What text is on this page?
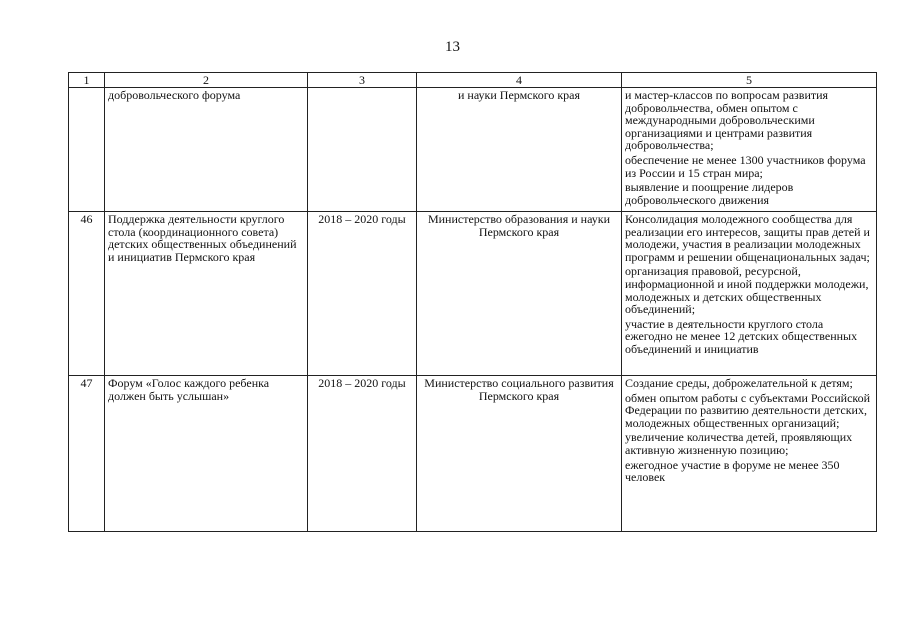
13
1	2	3	4	5
	добровольческого форума		и науки Пермского края	и мастер-классов по вопросам развития добровольчества, обмен опытом с международными добровольческими организациями и центрами развития добровольчества;

обеспечение не менее 1300 участников форума из России и 15 стран мира;

выявление и поощрение лидеров добровольческого движения

46	Поддержка деятельности круглого стола (координационного совета) детских общественных объединений и инициатив Пермского края	2018 – 2020 годы	Министерство образования и науки Пермского края	Консолидация молодежного сообщества для реализации его интересов, защиты прав детей и молодежи, участия в реализации молодежных программ и решении общенациональных задач;

организация правовой, ресурсной, информационной и иной поддержки молодежи, молодежных и детских общественных объединений;

участие в деятельности круглого стола ежегодно не менее 12 детских общественных объединений и инициатив

47	Форум «Голос каждого ребенка должен быть услышан»	2018 – 2020 годы	Министерство социального развития Пермского края	Создание среды, доброжелательной к детям;

обмен опытом работы с субъектами Российской Федерации по развитию деятельности детских, молодежных общественных организаций;

увеличение количества детей, проявляющих активную жизненную позицию;

ежегодное участие в форуме не менее 350 человек
